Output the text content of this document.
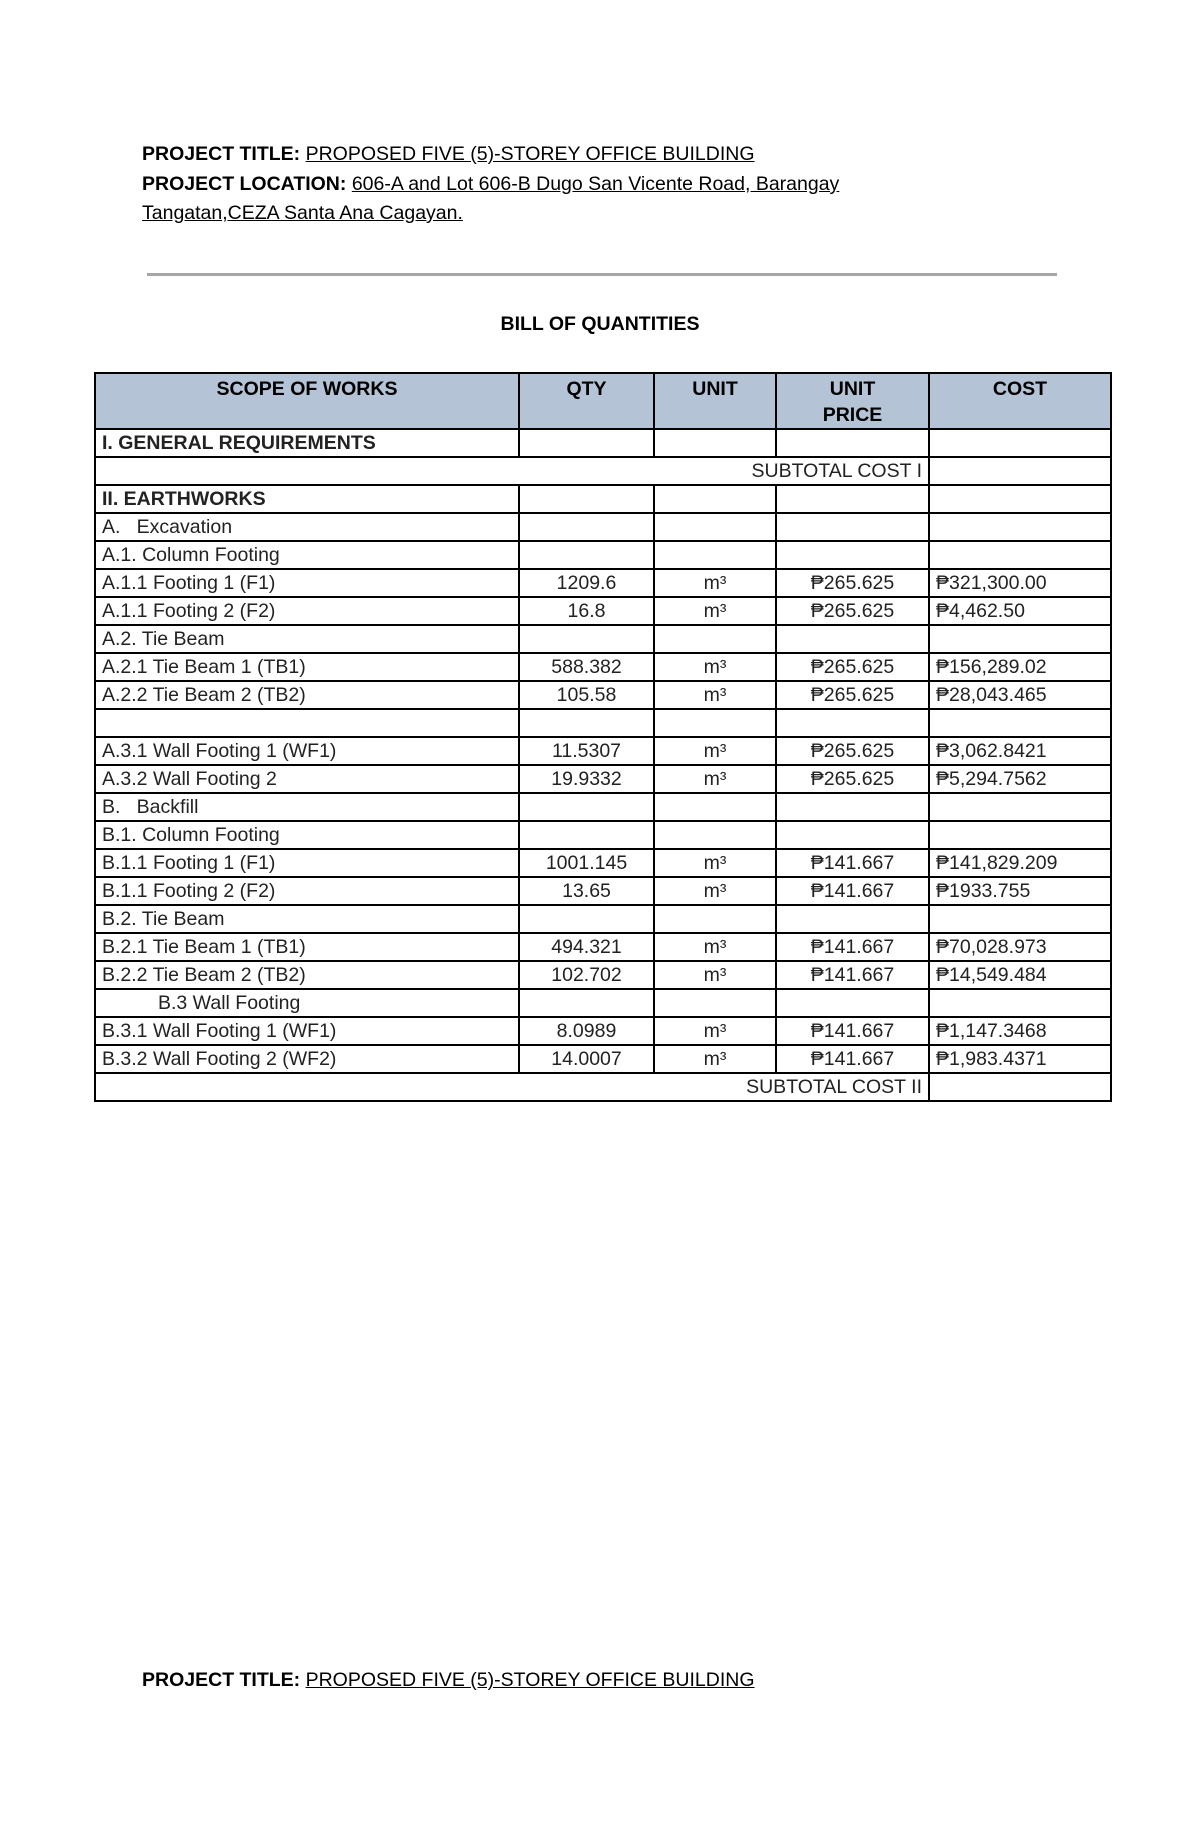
PROJECT TITLE: PROPOSED FIVE (5)-STOREY OFFICE BUILDING
PROJECT LOCATION: 606-A and Lot 606-B Dugo San Vicente Road, Barangay
Tangatan,CEZA Santa Ana Cagayan.
BILL OF QUANTITIES
SCOPE OF WORKS	QTY	UNIT	UNIT PRICE	COST
I. GENERAL REQUIREMENTS				
SUBTOTAL COST I				
II. EARTHWORKS				
A.   Excavation				
A.1. Column Footing				
A.1.1 Footing 1 (F1)	1209.6	m³	₱265.625	₱321,300.00
A.1.1 Footing 2 (F2)	16.8	m³	₱265.625	₱4,462.50
A.2. Tie Beam				
A.2.1 Tie Beam 1 (TB1)	588.382	m³	₱265.625	₱156,289.02
A.2.2 Tie Beam 2 (TB2)	105.58	m³	₱265.625	₱28,043.465

A.3.1 Wall Footing 1 (WF1)	11.5307	m³	₱265.625	₱3,062.8421
A.3.2 Wall Footing 2	19.9332	m³	₱265.625	₱5,294.7562
B.   Backfill				
B.1. Column Footing				
B.1.1 Footing 1 (F1)	1001.145	m³	₱141.667	₱141,829.209
B.1.1 Footing 2 (F2)	13.65	m³	₱141.667	₱1933.755
B.2. Tie Beam				
B.2.1 Tie Beam 1 (TB1)	494.321	m³	₱141.667	₱70,028.973
B.2.2 Tie Beam 2 (TB2)	102.702	m³	₱141.667	₱14,549.484
B.3 Wall Footing				
B.3.1 Wall Footing 1 (WF1)	8.0989	m³	₱141.667	₱1,147.3468
B.3.2 Wall Footing 2 (WF2)	14.0007	m³	₱141.667	₱1,983.4371
SUBTOTAL COST II				
PROJECT TITLE: PROPOSED FIVE (5)-STOREY OFFICE BUILDING
